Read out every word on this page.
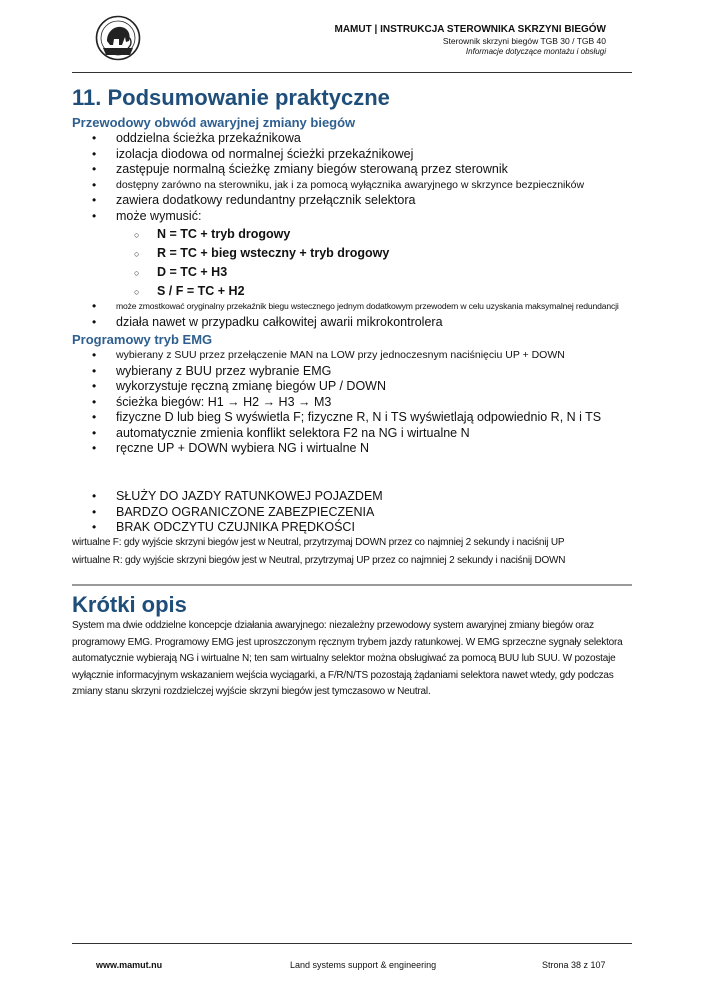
MAMUT | INSTRUKCJA STEROWNIKA SKRZYNI BIEGÓW
Sterownik skrzyni biegów TGB 30 / TGB 40
Informacje dotyczące montażu i obsługi
11. Podsumowanie praktyczne
Przewodowy obwód awaryjnej zmiany biegów
• oddzielna ścieżka przekaźnikowa
• izolacja diodowa od normalnej ścieżki przekaźnikowej
• zastępuje normalną ścieżkę zmiany biegów sterowaną przez sterownik
• dostępny zarówno na sterowniku, jak i za pomocą wyłącznika awaryjnego w skrzynce bezpieczników
• zawiera dodatkowy redundantny przełącznik selektora
• może wymusić:
○ N = TC + tryb drogowy
○ R = TC + bieg wsteczny + tryb drogowy
○ D = TC + H3
○ S / F = TC + H2
• może zmostkować oryginalny przekaźnik biegu wstecznego jednym dodatkowym przewodem w celu uzyskania maksymalnej redundancji
• działa nawet w przypadku całkowitej awarii mikrokontrolera
Programowy tryb EMG
• wybierany z SUU przez przełączenie MAN na LOW przy jednoczesnym naciśnięciu UP + DOWN
• wybierany z BUU przez wybranie EMG
• wykorzystuje ręczną zmianę biegów UP / DOWN
• ścieżka biegów: H1 → H2 → H3 → M3
• fizyczne D lub bieg S wyświetla F; fizyczne R, N i TS wyświetlają odpowiednio R, N i TS
• automatycznie zmienia konflikt selektora F2 na NG i wirtualne N
• ręczne UP + DOWN wybiera NG i wirtualne N
• SŁUŻY DO JAZDY RATUNKOWEJ POJAZDEM
• BARDZO OGRANICZONE ZABEZPIECZENIA
• BRAK ODCZYTU CZUJNIKA PRĘDKOŚCI
wirtualne F: gdy wyjście skrzyni biegów jest w Neutral, przytrzymaj DOWN przez co najmniej 2 sekundy i naciśnij UP
wirtualne R: gdy wyjście skrzyni biegów jest w Neutral, przytrzymaj UP przez co najmniej 2 sekundy i naciśnij DOWN
Krótki opis
System ma dwie oddzielne koncepcje działania awaryjnego: niezależny przewodowy system awaryjnej zmiany biegów oraz programowy EMG. Programowy EMG jest uproszczonym ręcznym trybem jazdy ratunkowej. W EMG sprzeczne sygnały selektora automatycznie wybierają NG i wirtualne N; ten sam wirtualny selektor można obsługiwać za pomocą BUU lub SUU. W pozostaje wyłącznie informacyjnym wskazaniem wejścia wyciągarki, a F/R/N/TS pozostają żądaniami selektora nawet wtedy, gdy podczas zmiany stanu skrzyni rozdzielczej wyjście skrzyni biegów jest tymczasowo w Neutral.
www.mamut.nu	Land systems support & engineering	Strona 38 z 107
